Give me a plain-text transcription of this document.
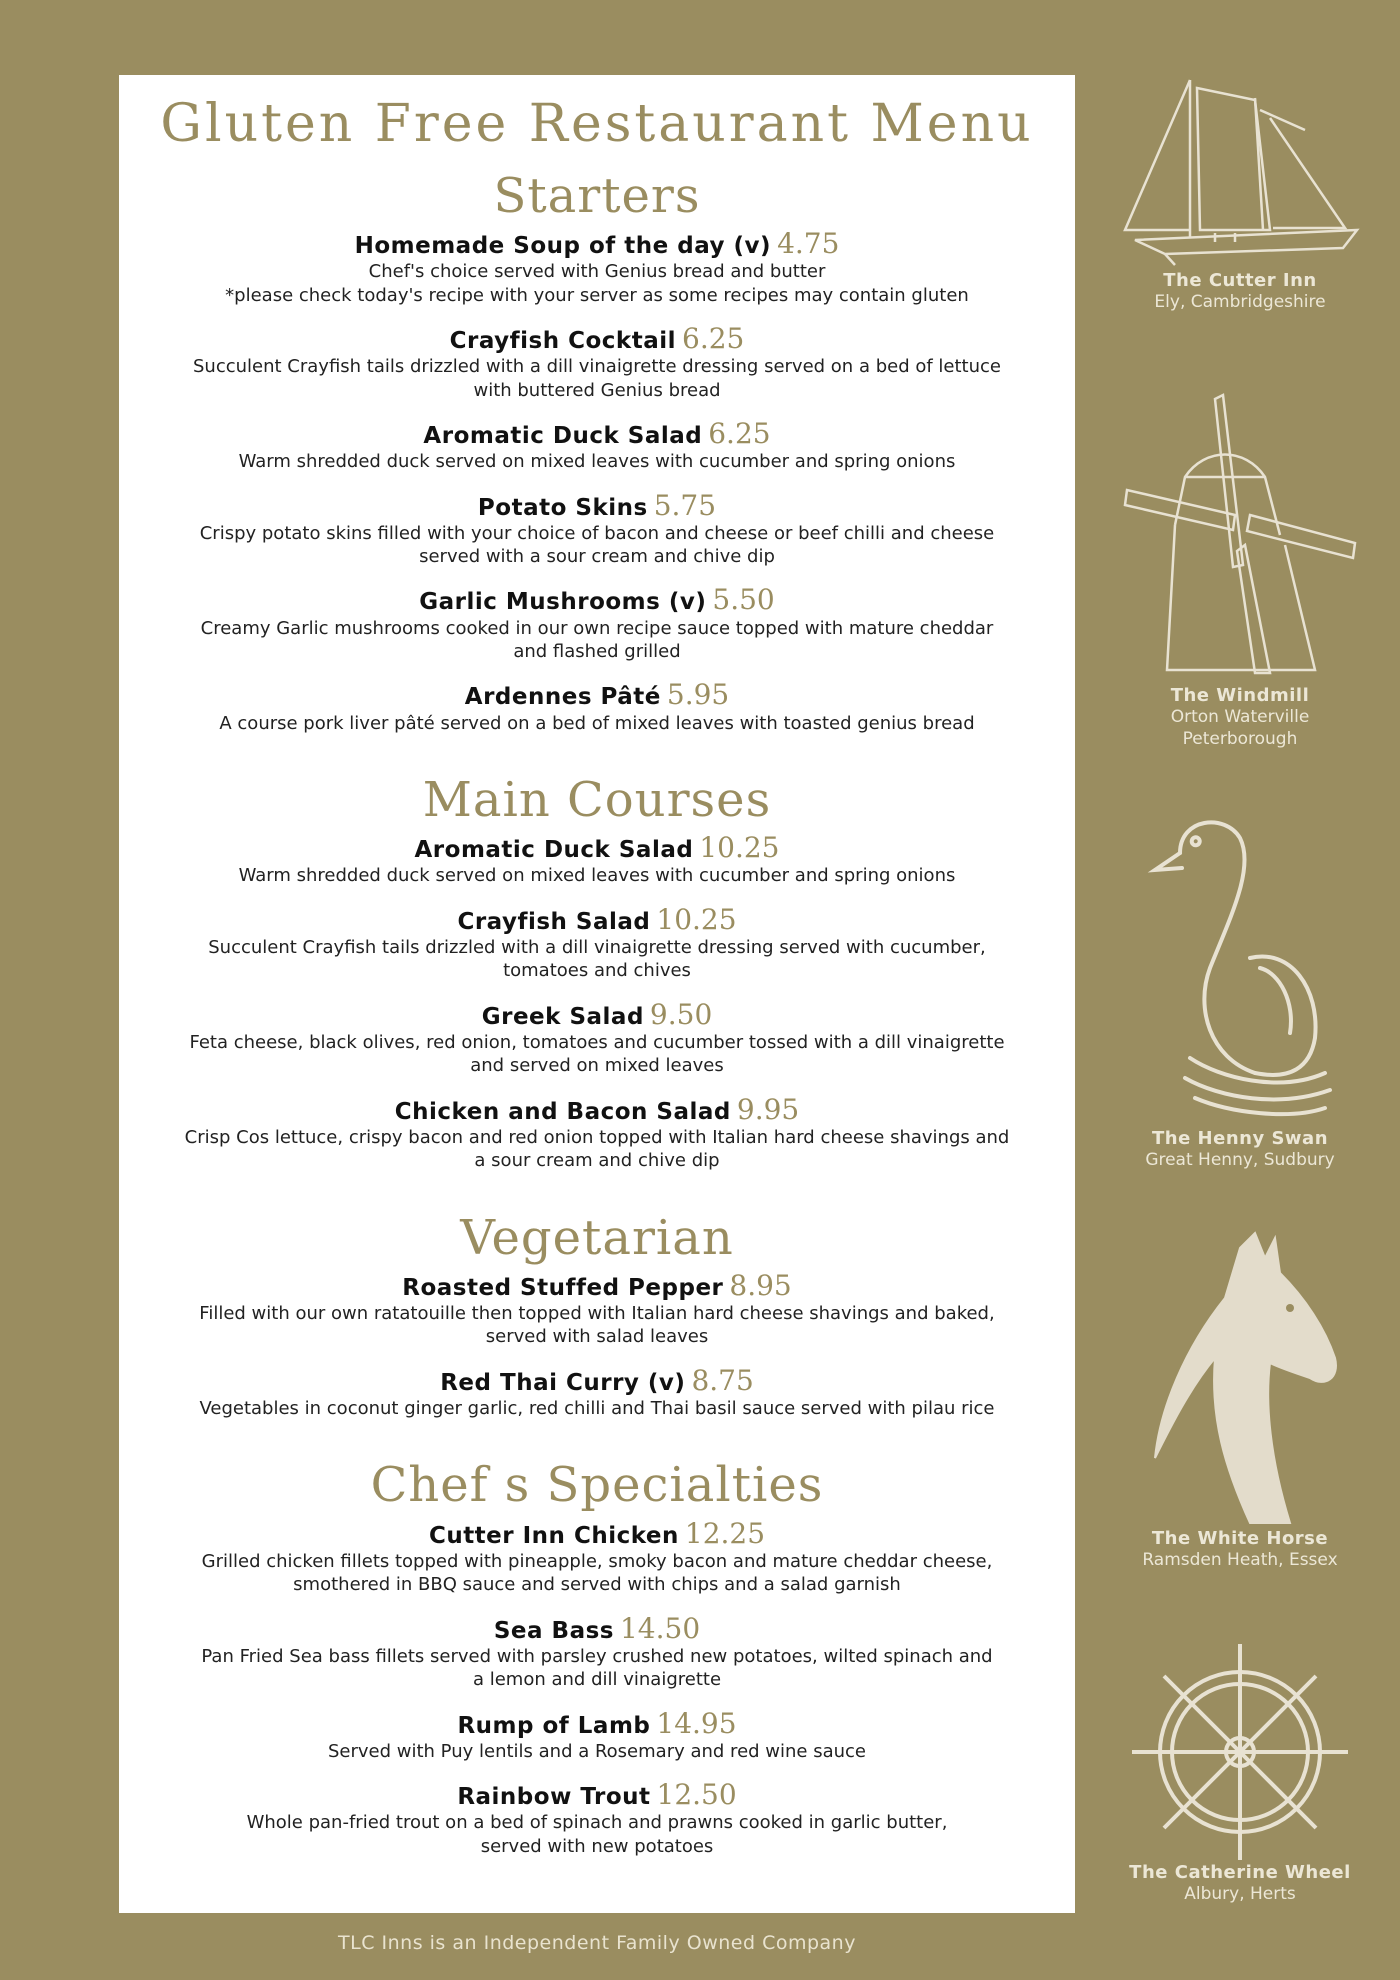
Gluten Free Restaurant Menu
Starters
Homemade Soup of the day (v) 4.75
Chef's choice served with Genius bread and butter
*please check today's recipe with your server as some recipes may contain gluten
Crayfish Cocktail 6.25
Succulent Crayfish tails drizzled with a dill vinaigrette dressing served on a bed of lettuce
with buttered Genius bread
Aromatic Duck Salad 6.25
Warm shredded duck served on mixed leaves with cucumber and spring onions
Potato Skins 5.75
Crispy potato skins filled with your choice of bacon and cheese or beef chilli and cheese
served with a sour cream and chive dip
Garlic Mushrooms (v) 5.50
Creamy Garlic mushrooms cooked in our own recipe sauce topped with mature cheddar
and flashed grilled
Ardennes Pâté 5.95
A course pork liver pâté served on a bed of mixed leaves with toasted genius bread
Main Courses
Aromatic Duck Salad 10.25
Warm shredded duck served on mixed leaves with cucumber and spring onions
Crayfish Salad 10.25
Succulent Crayfish tails drizzled with a dill vinaigrette dressing served with cucumber,
tomatoes and chives
Greek Salad 9.50
Feta cheese, black olives, red onion, tomatoes and cucumber tossed with a dill vinaigrette
and served on mixed leaves
Chicken and Bacon Salad 9.95
Crisp Cos lettuce, crispy bacon and red onion topped with Italian hard cheese shavings and
a sour cream and chive dip
Vegetarian
Roasted Stuffed Pepper 8.95
Filled with our own ratatouille then topped with Italian hard cheese shavings and baked,
served with salad leaves
Red Thai Curry (v) 8.75
Vegetables in coconut ginger garlic, red chilli and Thai basil sauce served with pilau rice
Chef s Specialties
Cutter Inn Chicken 12.25
Grilled chicken fillets topped with pineapple, smoky bacon and mature cheddar cheese,
smothered in BBQ sauce and served with chips and a salad garnish
Sea Bass 14.50
Pan Fried Sea bass fillets served with parsley crushed new potatoes, wilted spinach and
a lemon and dill vinaigrette
Rump of Lamb 14.95
Served with Puy lentils and a Rosemary and red wine sauce
Rainbow Trout 12.50
Whole pan-fried trout on a bed of spinach and prawns cooked in garlic butter,
served with new potatoes
TLC Inns is an Independent Family Owned Company
The Cutter Inn
Ely, Cambridgeshire
The Windmill
Orton Waterville
Peterborough
The Henny Swan
Great Henny, Sudbury
The White Horse
Ramsden Heath, Essex
The Catherine Wheel
Albury, Herts
